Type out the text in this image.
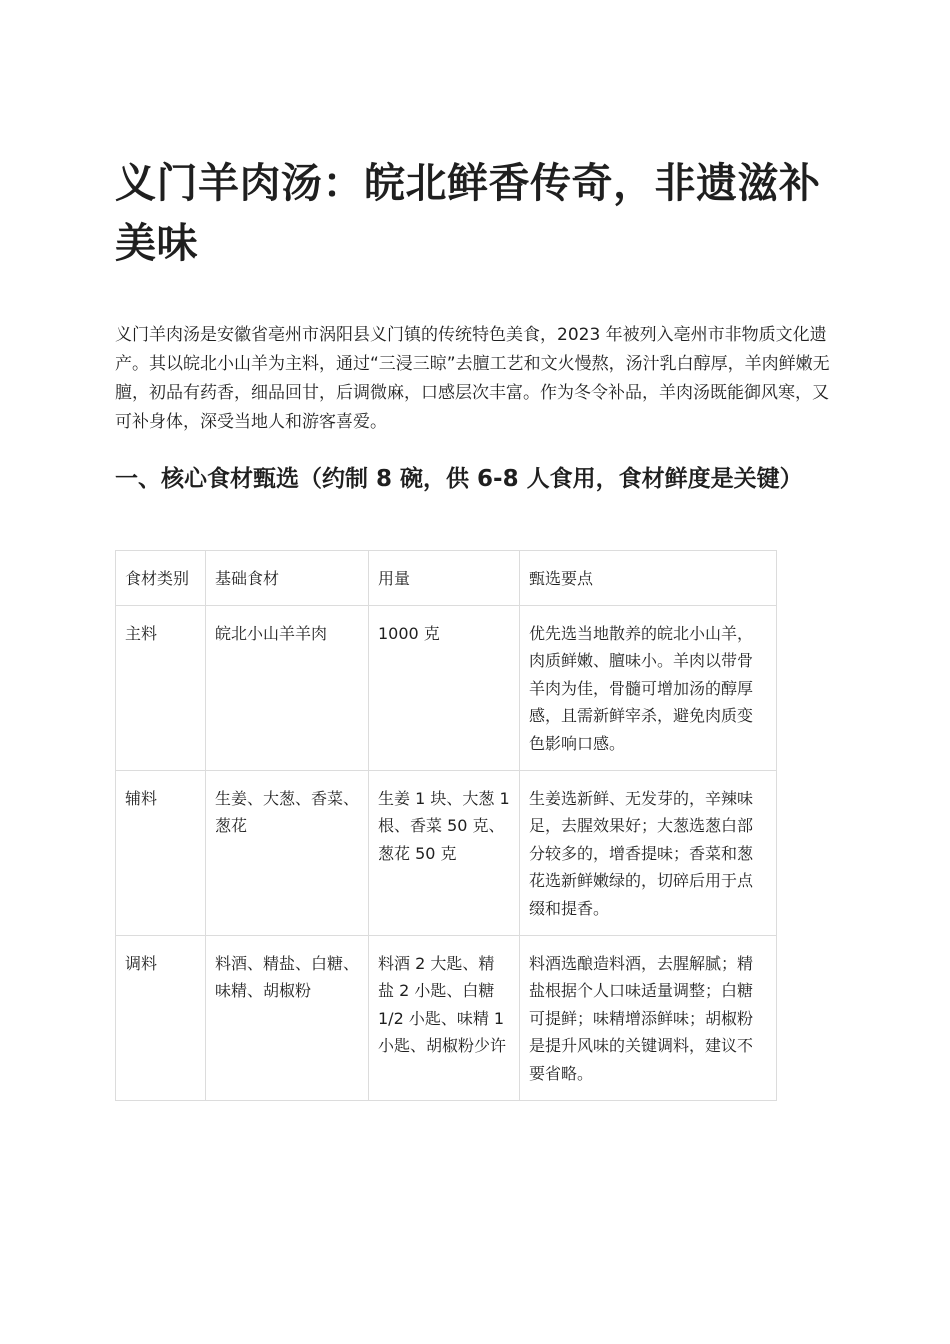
义门羊肉汤：皖北鲜香传奇，非遗滋补美味

义门羊肉汤是安徽省亳州市涡阳县义门镇的传统特色美食，2023 年被列入亳州市非物质文化遗产。其以皖北小山羊为主料，通过“三浸三晾”去膻工艺和文火慢熬，汤汁乳白醇厚，羊肉鲜嫩无膻，初品有药香，细品回甘，后调微麻，口感层次丰富。作为冬令补品，羊肉汤既能御风寒，又可补身体，深受当地人和游客喜爱。

一、核心食材甄选（约制 8 碗，供 6-8 人食用，食材鲜度是关键）
食材类别	基础食材	用量	甄选要点
主料	皖北小山羊羊肉	1000 克	优先选当地散养的皖北小山羊，肉质鲜嫩、膻味小。羊肉以带骨羊肉为佳，骨髓可增加汤的醇厚感，且需新鲜宰杀，避免肉质变色影响口感。
辅料	生姜、大葱、香菜、葱花	生姜 1 块、大葱 1 根、香菜 50 克、葱花 50 克	生姜选新鲜、无发芽的，辛辣味足，去腥效果好；大葱选葱白部分较多的，增香提味；香菜和葱花选新鲜嫩绿的，切碎后用于点缀和提香。
调料	料酒、精盐、白糖、味精、胡椒粉	料酒 2 大匙、精盐 2 小匙、白糖 1/2 小匙、味精 1 小匙、胡椒粉少许	料酒选酿造料酒，去腥解腻；精盐根据个人口味适量调整；白糖可提鲜；味精增添鲜味；胡椒粉是提升风味的关键调料，建议不要省略。
